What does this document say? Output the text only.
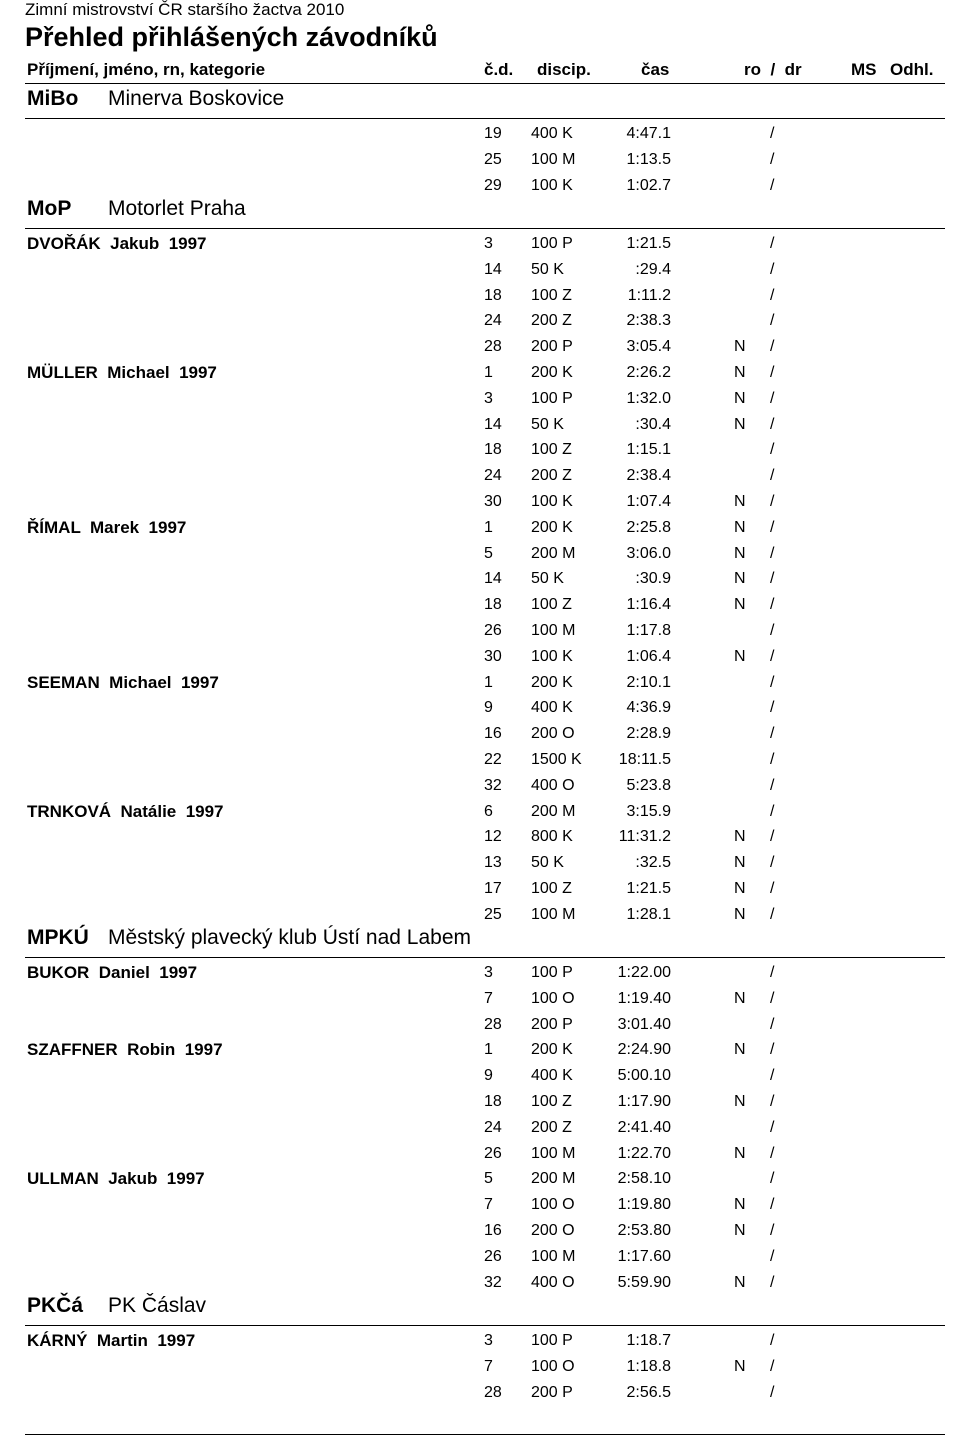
Zimní mistrovství ČR staršího žactva 2010
Přehled přihlášených závodníků
Příjmení, jméno, rn, kategorie	č.d. discip.	čas	ro  /  dr	MS Odhl.
MiBo Minerva Boskovice
19 400 K	4:47.1	/
25 100 M	1:13.5	/
29 100 K	1:02.7	/
MoP Motorlet Praha
DVOŘÁK  Jakub  1997	3 100 P	1:21.5	/
14 50 K	:29.4	/
18 100 Z	1:11.2	/
24 200 Z	2:38.3	/
28 200 P	3:05.4	N /
MÜLLER  Michael  1997	1 200 K	2:26.2	N /
3 100 P	1:32.0	N /
14 50 K	:30.4	N /
18 100 Z	1:15.1	/
24 200 Z	2:38.4	/
30 100 K	1:07.4	N /
ŘÍMAL  Marek  1997	1 200 K	2:25.8	N /
5 200 M	3:06.0	N /
14 50 K	:30.9	N /
18 100 Z	1:16.4	N /
26 100 M	1:17.8	/
30 100 K	1:06.4	N /
SEEMAN  Michael  1997	1 200 K	2:10.1	/
9 400 K	4:36.9	/
16 200 O	2:28.9	/
22 1500 K	18:11.5	/
32 400 O	5:23.8	/
TRNKOVÁ  Natálie  1997	6 200 M	3:15.9	/
12 800 K	11:31.2	N /
13 50 K	:32.5	N /
17 100 Z	1:21.5	N /
25 100 M	1:28.1	N /
MPKÚ Městský plavecký klub Ústí nad Labem
BUKOR  Daniel  1997	3 100 P	1:22.00	/
7 100 O	1:19.40	N /
28 200 P	3:01.40	/
SZAFFNER  Robin  1997	1 200 K	2:24.90	N /
9 400 K	5:00.10	/
18 100 Z	1:17.90	N /
24 200 Z	2:41.40	/
26 100 M	1:22.70	N /
ULLMAN  Jakub  1997	5 200 M	2:58.10	/
7 100 O	1:19.80	N /
16 200 O	2:53.80	N /
26 100 M	1:17.60	/
32 400 O	5:59.90	N /
PKČá PK Čáslav
KÁRNÝ  Martin  1997	3 100 P	1:18.7	/
7 100 O	1:18.8	N /
28 200 P	2:56.5	/
